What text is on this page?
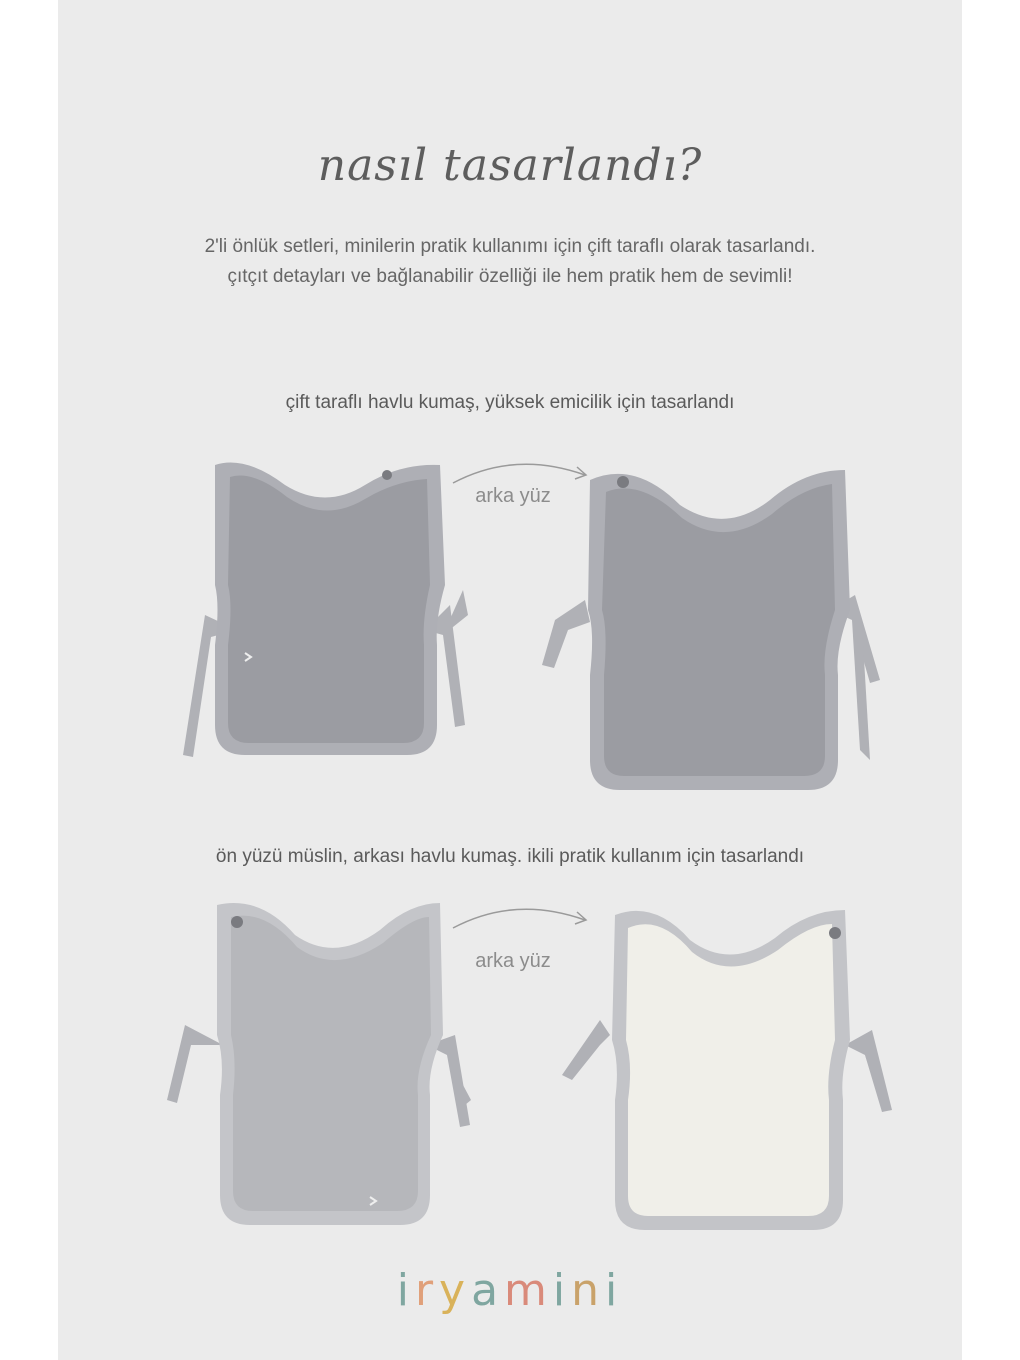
nasıl tasarlandı?
2'li önlük setleri, minilerin pratik kullanımı için çift taraflı olarak tasarlandı.
çıtçıt detayları ve bağlanabilir özelliği ile hem pratik hem de sevimli!
çift taraflı havlu kumaş, yüksek emicilik için tasarlandı
arka yüz
ön yüzü müslin, arkası havlu kumaş. ikili pratik kullanım için tasarlandı
arka yüz
iryamini
